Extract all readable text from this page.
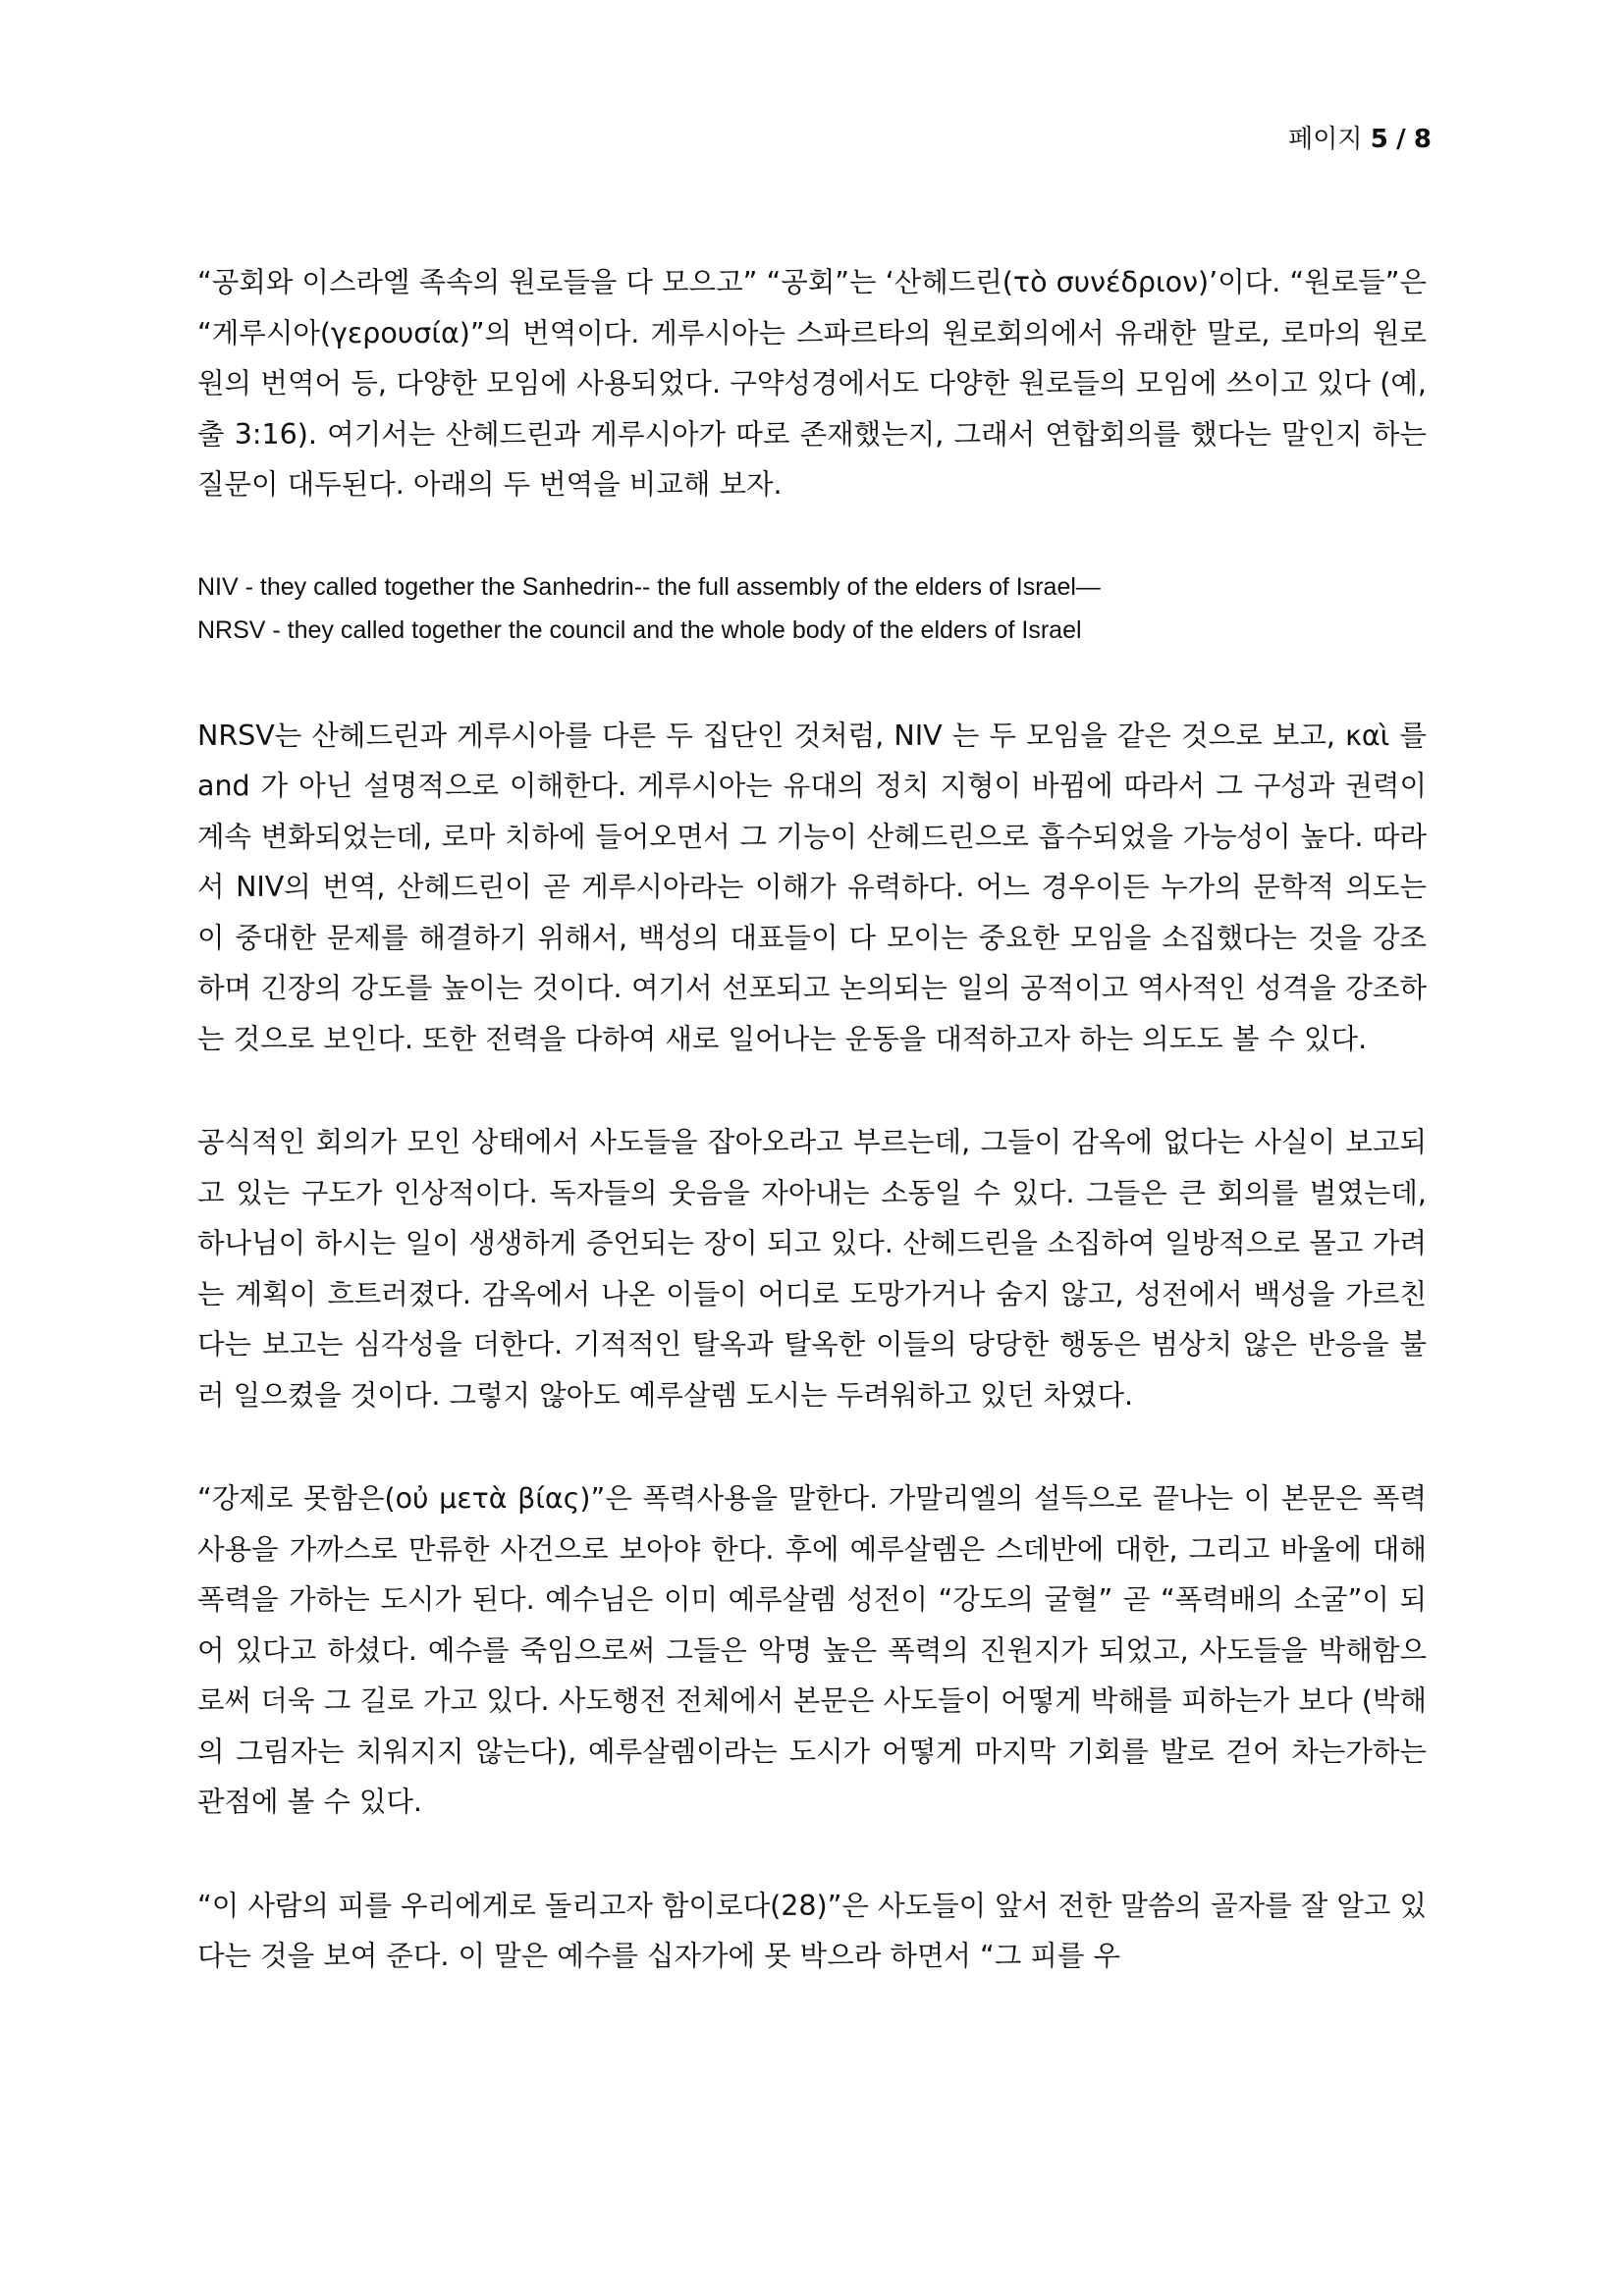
페이지 5 / 8

“공회와 이스라엘 족속의 원로들을 다 모으고” “공회”는 ‘산헤드린(τὸ συνέδριον)’이다. “원로들”은 “게루시아(γερουσία)”의 번역이다. 게루시아는 스파르타의 원로회의에서 유래한 말로, 로마의 원로원의 번역어 등, 다양한 모임에 사용되었다. 구약성경에서도 다양한 원로들의 모임에 쓰이고 있다 (예, 출 3:16). 여기서는 산헤드린과 게루시아가 따로 존재했는지, 그래서 연합회의를 했다는 말인지 하는 질문이 대두된다. 아래의 두 번역을 비교해 보자.

NIV - they called together the Sanhedrin-- the full assembly of the elders of Israel—
NRSV - they called together the council and the whole body of the elders of Israel

NRSV는 산헤드린과 게루시아를 다른 두 집단인 것처럼, NIV 는 두 모임을 같은 것으로 보고, καὶ 를 and 가 아닌 설명적으로 이해한다. 게루시아는 유대의 정치 지형이 바뀜에 따라서 그 구성과 권력이 계속 변화되었는데, 로마 치하에 들어오면서 그 기능이 산헤드린으로 흡수되었을 가능성이 높다. 따라서 NIV의 번역, 산헤드린이 곧 게루시아라는 이해가 유력하다. 어느 경우이든 누가의 문학적 의도는 이 중대한 문제를 해결하기 위해서, 백성의 대표들이 다 모이는 중요한 모임을 소집했다는 것을 강조하며 긴장의 강도를 높이는 것이다. 여기서 선포되고 논의되는 일의 공적이고 역사적인 성격을 강조하는 것으로 보인다. 또한 전력을 다하여 새로 일어나는 운동을 대적하고자 하는 의도도 볼 수 있다.

공식적인 회의가 모인 상태에서 사도들을 잡아오라고 부르는데, 그들이 감옥에 없다는 사실이 보고되고 있는 구도가 인상적이다. 독자들의 웃음을 자아내는 소동일 수 있다. 그들은 큰 회의를 벌였는데, 하나님이 하시는 일이 생생하게 증언되는 장이 되고 있다. 산헤드린을 소집하여 일방적으로 몰고 가려는 계획이 흐트러졌다. 감옥에서 나온 이들이 어디로 도망가거나 숨지 않고, 성전에서 백성을 가르친다는 보고는 심각성을 더한다. 기적적인 탈옥과 탈옥한 이들의 당당한 행동은 범상치 않은 반응을 불러 일으켰을 것이다. 그렇지 않아도 예루살렘 도시는 두려워하고 있던 차였다.

“강제로 못함은(οὐ μετὰ βίας)”은 폭력사용을 말한다. 가말리엘의 설득으로 끝나는 이 본문은 폭력 사용을 가까스로 만류한 사건으로 보아야 한다. 후에 예루살렘은 스데반에 대한, 그리고 바울에 대해 폭력을 가하는 도시가 된다. 예수님은 이미 예루살렘 성전이 “강도의 굴혈” 곧 “폭력배의 소굴”이 되어 있다고 하셨다. 예수를 죽임으로써 그들은 악명 높은 폭력의 진원지가 되었고, 사도들을 박해함으로써 더욱 그 길로 가고 있다. 사도행전 전체에서 본문은 사도들이 어떻게 박해를 피하는가 보다 (박해의 그림자는 치워지지 않는다), 예루살렘이라는 도시가 어떻게 마지막 기회를 발로 걷어 차는가하는 관점에 볼 수 있다.

“이 사람의 피를 우리에게로 돌리고자 함이로다(28)”은 사도들이 앞서 전한 말씀의 골자를 잘 알고 있다는 것을 보여 준다. 이 말은 예수를 십자가에 못 박으라 하면서 “그 피를 우
